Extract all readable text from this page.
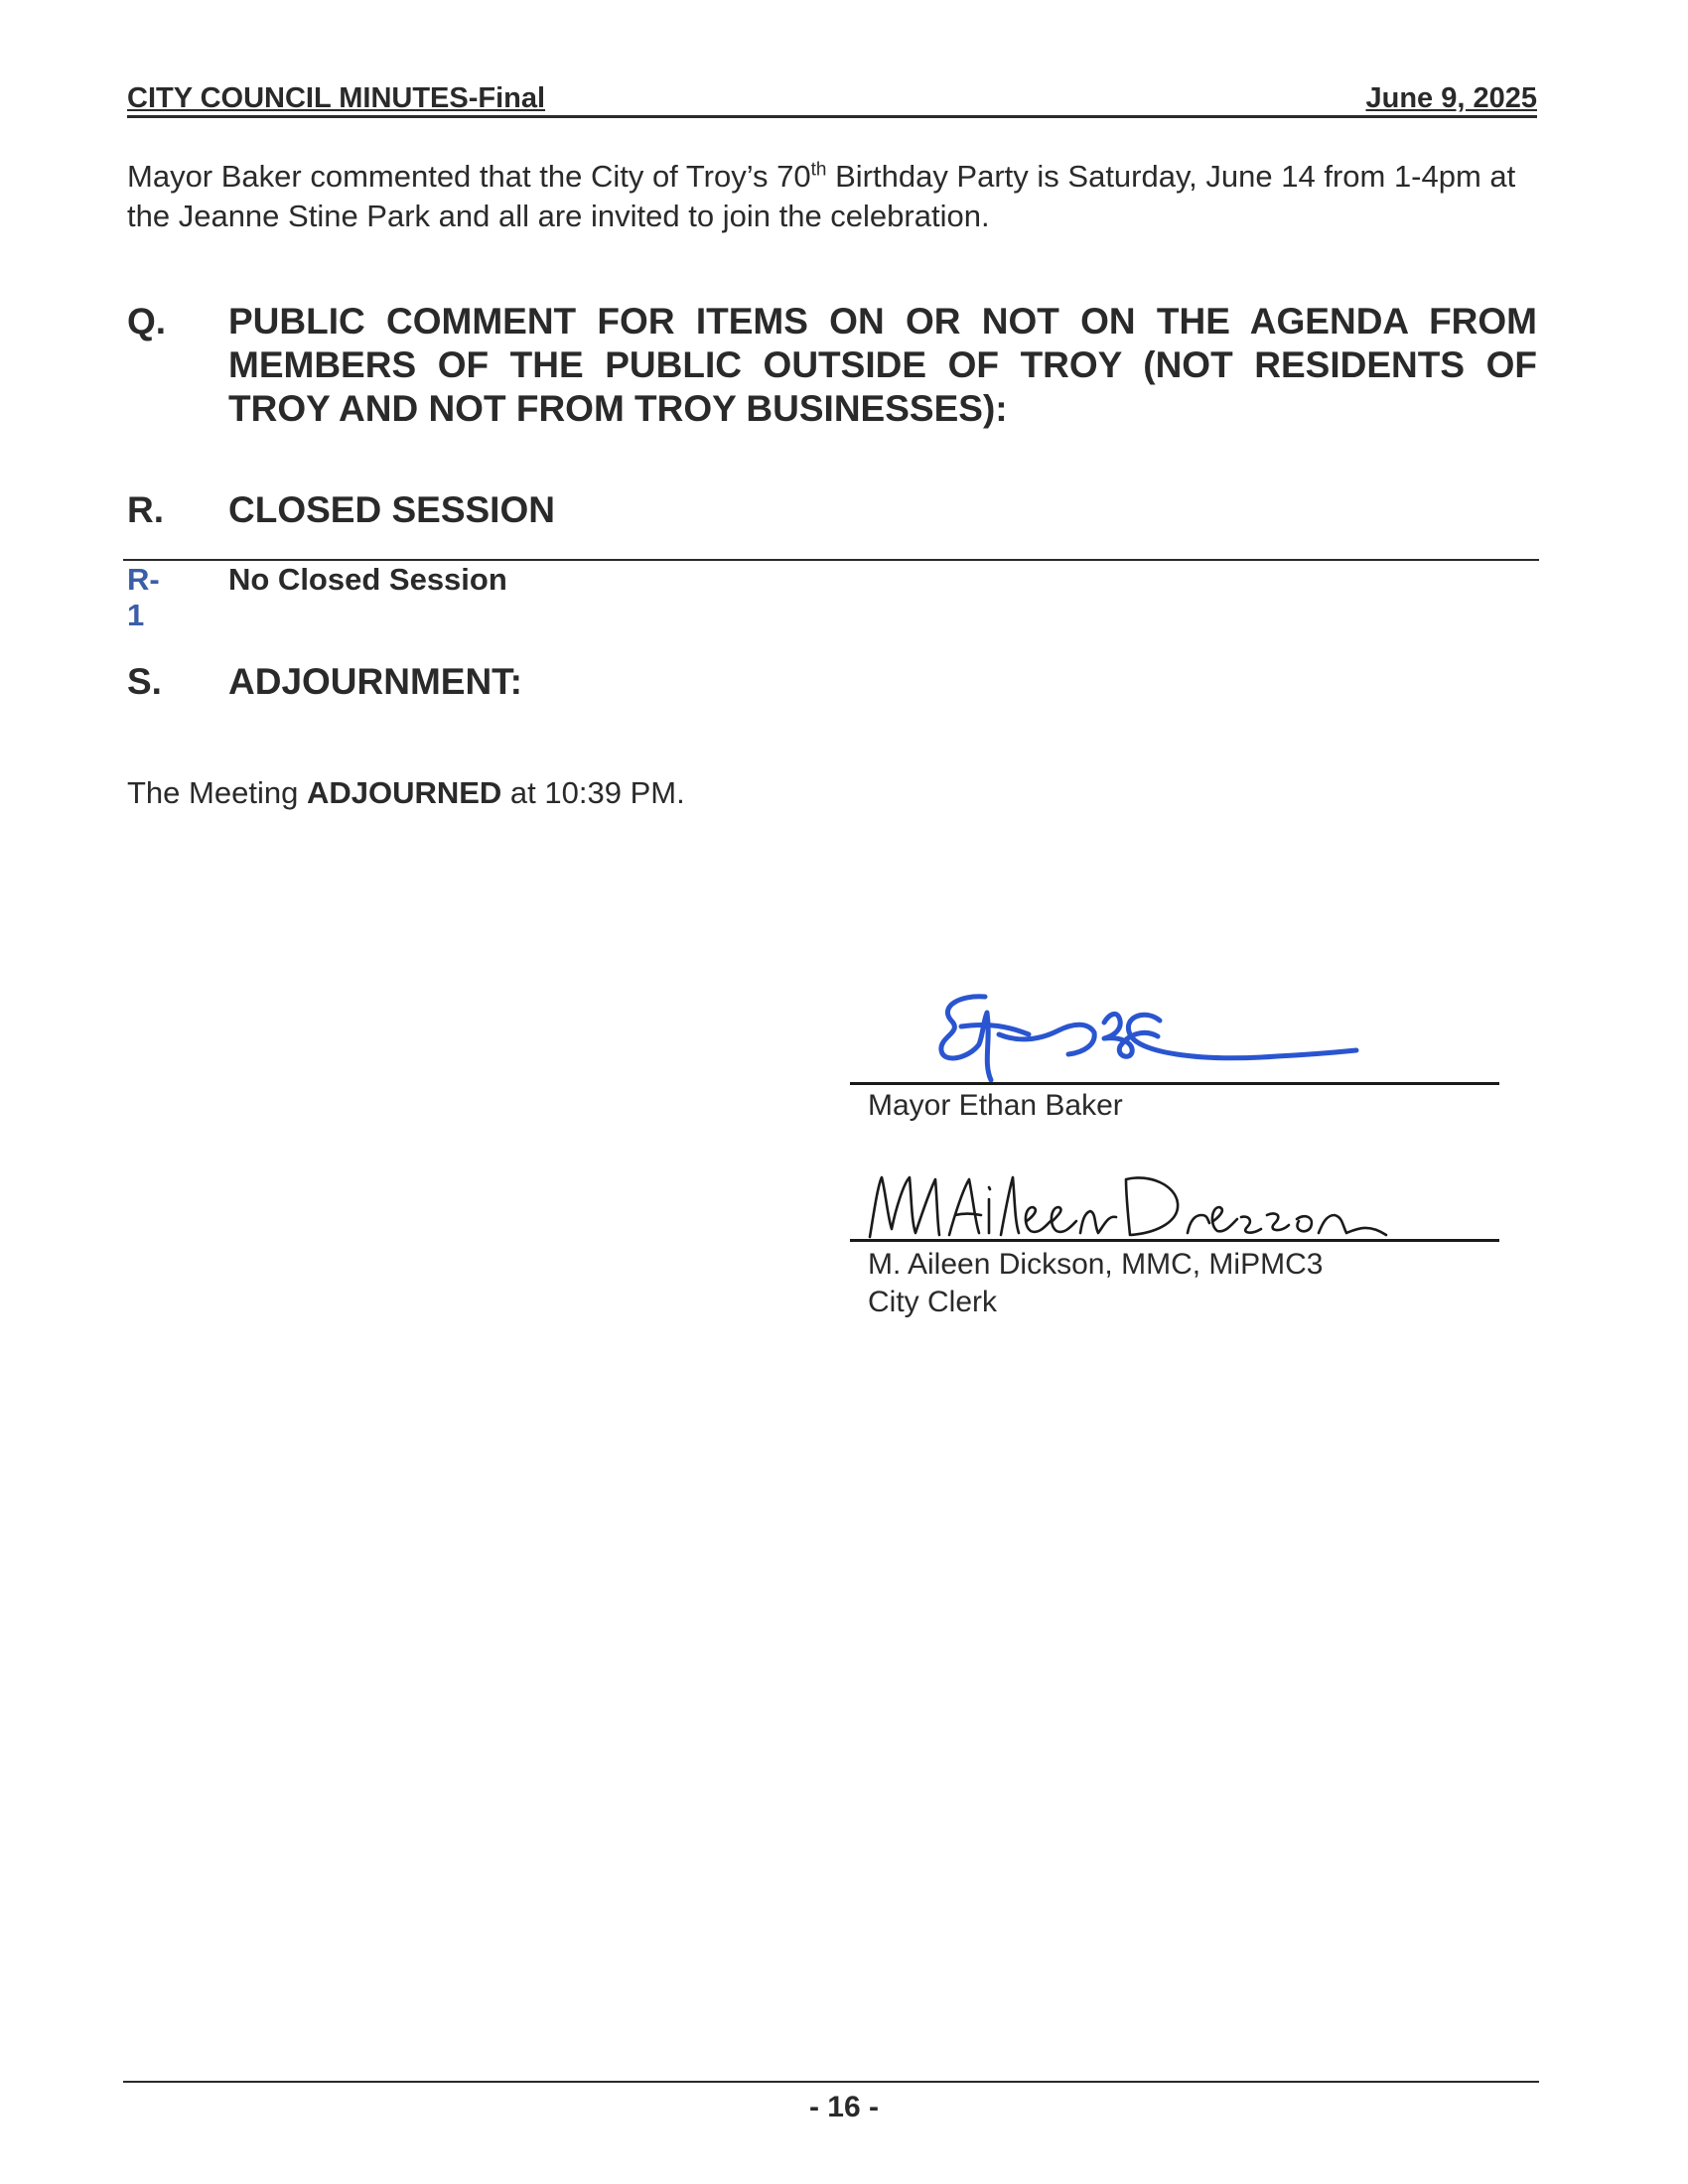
CITY COUNCIL MINUTES-Final	June 9, 2025
Mayor Baker commented that the City of Troy’s 70th Birthday Party is Saturday, June 14 from 1-4pm at the Jeanne Stine Park and all are invited to join the celebration.
Q. PUBLIC COMMENT FOR ITEMS ON OR NOT ON THE AGENDA FROM MEMBERS OF THE PUBLIC OUTSIDE OF TROY (NOT RESIDENTS OF TROY AND NOT FROM TROY BUSINESSES):
R. CLOSED SESSION
R-1
No Closed Session
S. ADJOURNMENT:
The Meeting ADJOURNED at 10:39 PM.
Mayor Ethan Baker
M. Aileen Dickson, MMC, MiPMC3
City Clerk
- 16 -
